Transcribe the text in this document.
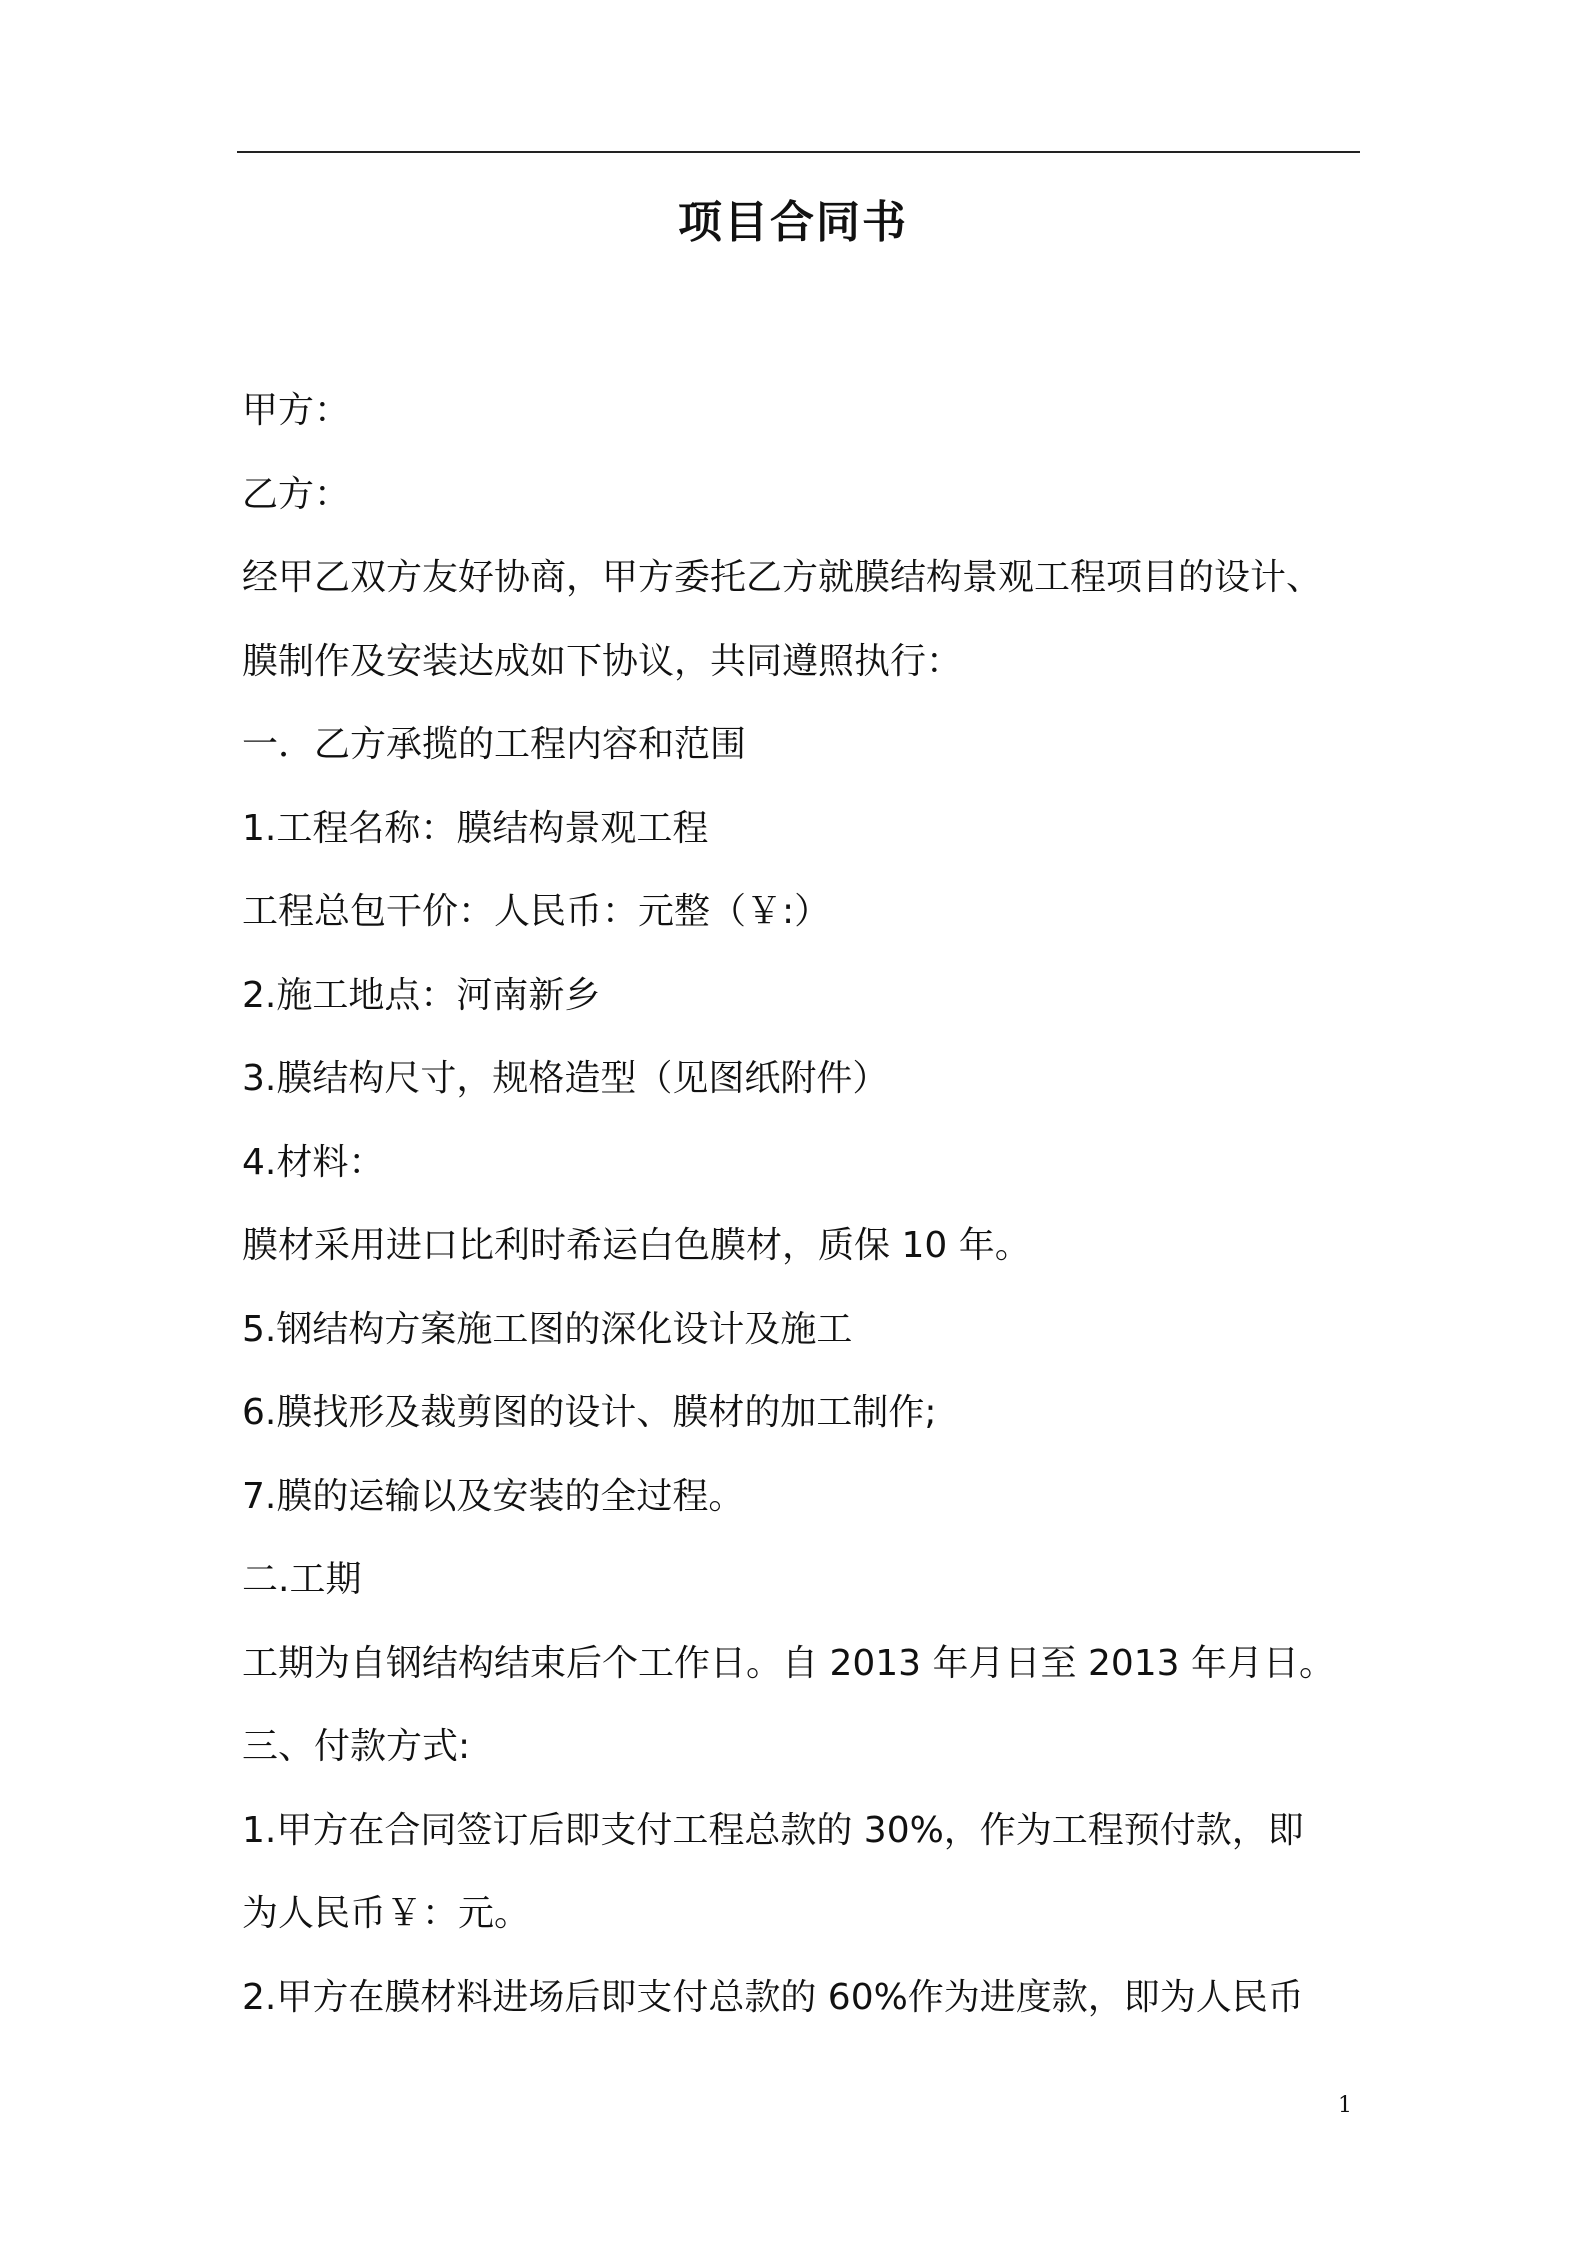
项目合同书
甲方：
乙方：
经甲乙双方友好协商，甲方委托乙方就膜结构景观工程项目的设计、
膜制作及安装达成如下协议，共同遵照执行：
一．乙方承揽的工程内容和范围
1.工程名称：膜结构景观工程
工程总包干价：人民币：元整（￥:）
2.施工地点：河南新乡
3.膜结构尺寸，规格造型（见图纸附件）
4.材料：
膜材采用进口比利时希运白色膜材，质保 10 年。
5.钢结构方案施工图的深化设计及施工
6.膜找形及裁剪图的设计、膜材的加工制作;
7.膜的运输以及安装的全过程。
二.工期
工期为自钢结构结束后个工作日。自 2013 年月日至 2013 年月日。
三、付款方式:
1.甲方在合同签订后即支付工程总款的 30%，作为工程预付款，即
为人民币￥：元。
2.甲方在膜材料进场后即支付总款的 60%作为进度款，即为人民币
1
